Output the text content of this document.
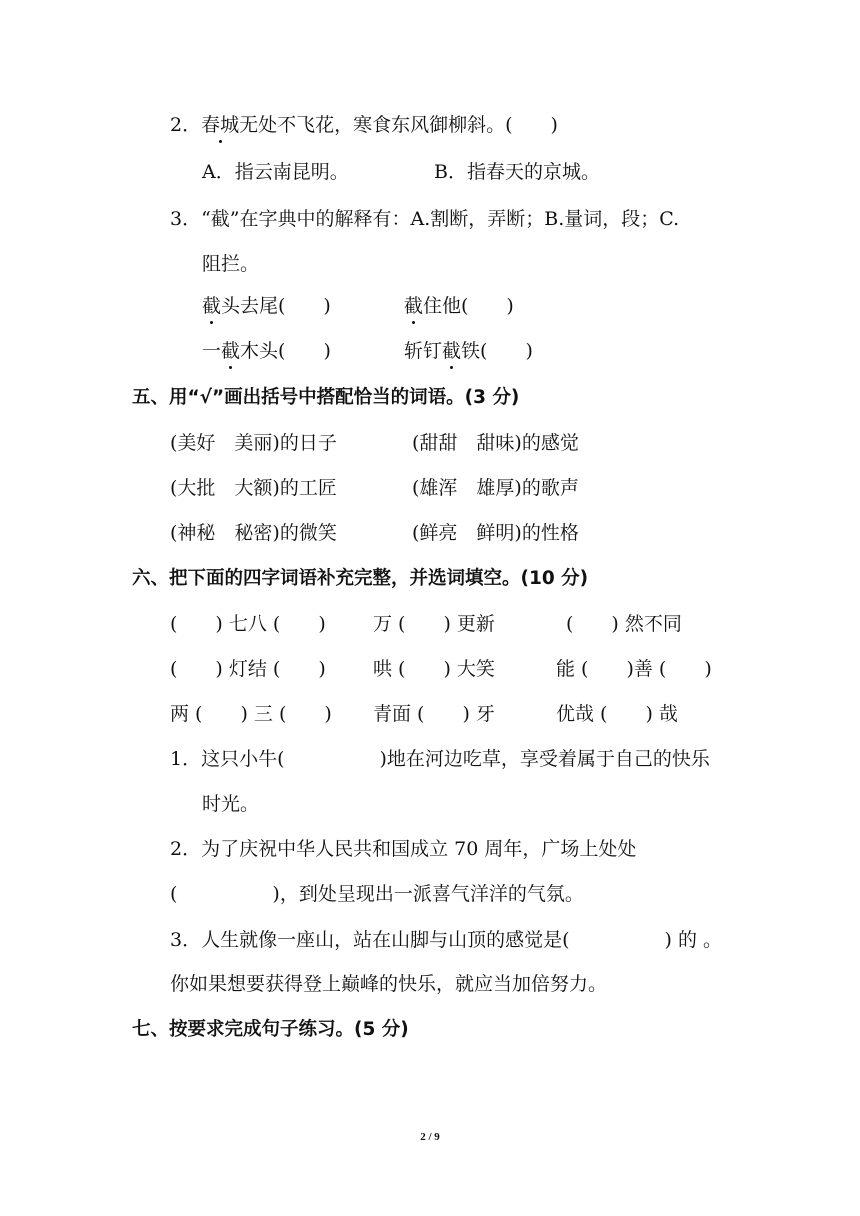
2．春城无处不飞花，寒食东风御柳斜。(　　)
A．指云南昆明。	B．指春天的京城。
3．“截”在字典中的解释有：A.割断，弄断；B.量词，段；C.
阻拦。
截头去尾(　　)	截住他(　　)
一截木头(　　)	斩钉截铁(　　)
五、用“√”画出括号中搭配恰当的词语。(3 分)
(美好　美丽)的日子	(甜甜　甜味)的感觉
(大批　大额)的工匠	(雄浑　雄厚)的歌声
(神秘　秘密)的微笑	(鲜亮　鲜明)的性格
六、把下面的四字词语补充完整，并选词填空。(10 分)
(　　) 七八 (　　) 万 (　　) 更新	(　　) 然不同
(　　) 灯结 (　　) 哄 (　　) 大笑	能 (　　)善 (　　)
两 (　　) 三 (　　) 青面 (　　) 牙	优哉 (　　) 哉
1．这只小牛(　　　　　)地在河边吃草，享受着属于自己的快乐
时光。
2．为了庆祝中华人民共和国成立 70 周年，广场上处处
(　　　　　)，到处呈现出一派喜气洋洋的气氛。
3．人生就像一座山，站在山脚与山顶的感觉是(　　　　　) 的 。
你如果想要获得登上巅峰的快乐，就应当加倍努力。
七、按要求完成句子练习。(5 分)
2 / 9
